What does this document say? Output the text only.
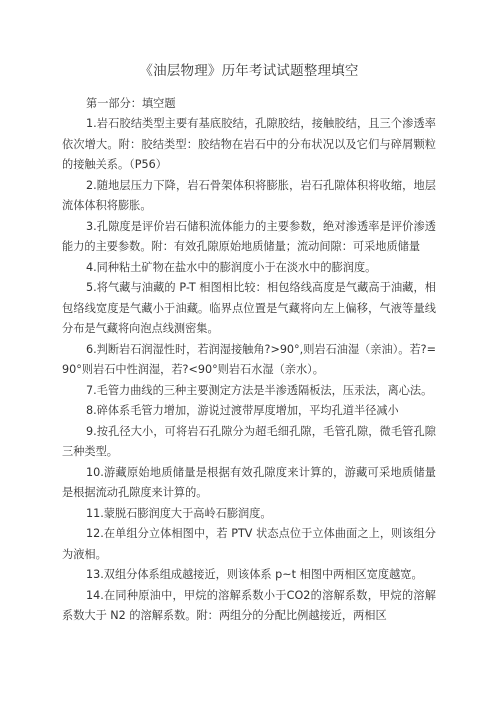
《油层物理》历年考试试题整理填空

第一部分：填空题

1.岩石胶结类型主要有基底胶结，孔隙胶结，接触胶结，且三个渗透率依次增大。附：胶结类型：胶结物在岩石中的分布状况以及它们与碎屑颗粒的接触关系。（P56）

2.随地层压力下降，岩石骨架体积将膨胀，岩石孔隙体积将收缩，地层流体体积将膨胀。

3.孔隙度是评价岩石储积流体能力的主要参数，绝对渗透率是评价渗透能力的主要参数。附：有效孔隙原始地质储量；流动间隙：可采地质储量

4.同种粘土矿物在盐水中的膨润度小于在淡水中的膨润度。

5.将气藏与油藏的 P-T 相图相比较：相包络线高度是气藏高于油藏，相包络线宽度是气藏小于油藏。临界点位置是气藏将向左上偏移，气液等量线分布是气藏将向泡点线测密集。

6.判断岩石润湿性时，若润湿接触角?>90°,则岩石油湿（亲油）。若?=90°则岩石中性润湿，若?<90°则岩石水湿（亲水）。

7.毛管力曲线的三种主要测定方法是半渗透隔板法，压汞法，离心法。

8.碎体系毛管力增加，游说过渡带厚度增加，平均孔道半径减小

9.按孔径大小，可将岩石孔隙分为超毛细孔隙，毛管孔隙，微毛管孔隙三种类型。

10.游藏原始地质储量是根据有效孔隙度来计算的，游藏可采地质储量是根据流动孔隙度来计算的。

11.蒙脱石膨润度大于高岭石膨润度。

12.在单组分立体相图中，若 PTV 状态点位于立体曲面之上，则该组分为液相。

13.双组分体系组成越接近，则该体系 p~t 相图中两相区宽度越宽。

14.在同种原油中，甲烷的溶解系数小于CO2的溶解系数，甲烷的溶解系数大于 N2 的溶解系数。附：两组分的分配比例越接近，两相区
